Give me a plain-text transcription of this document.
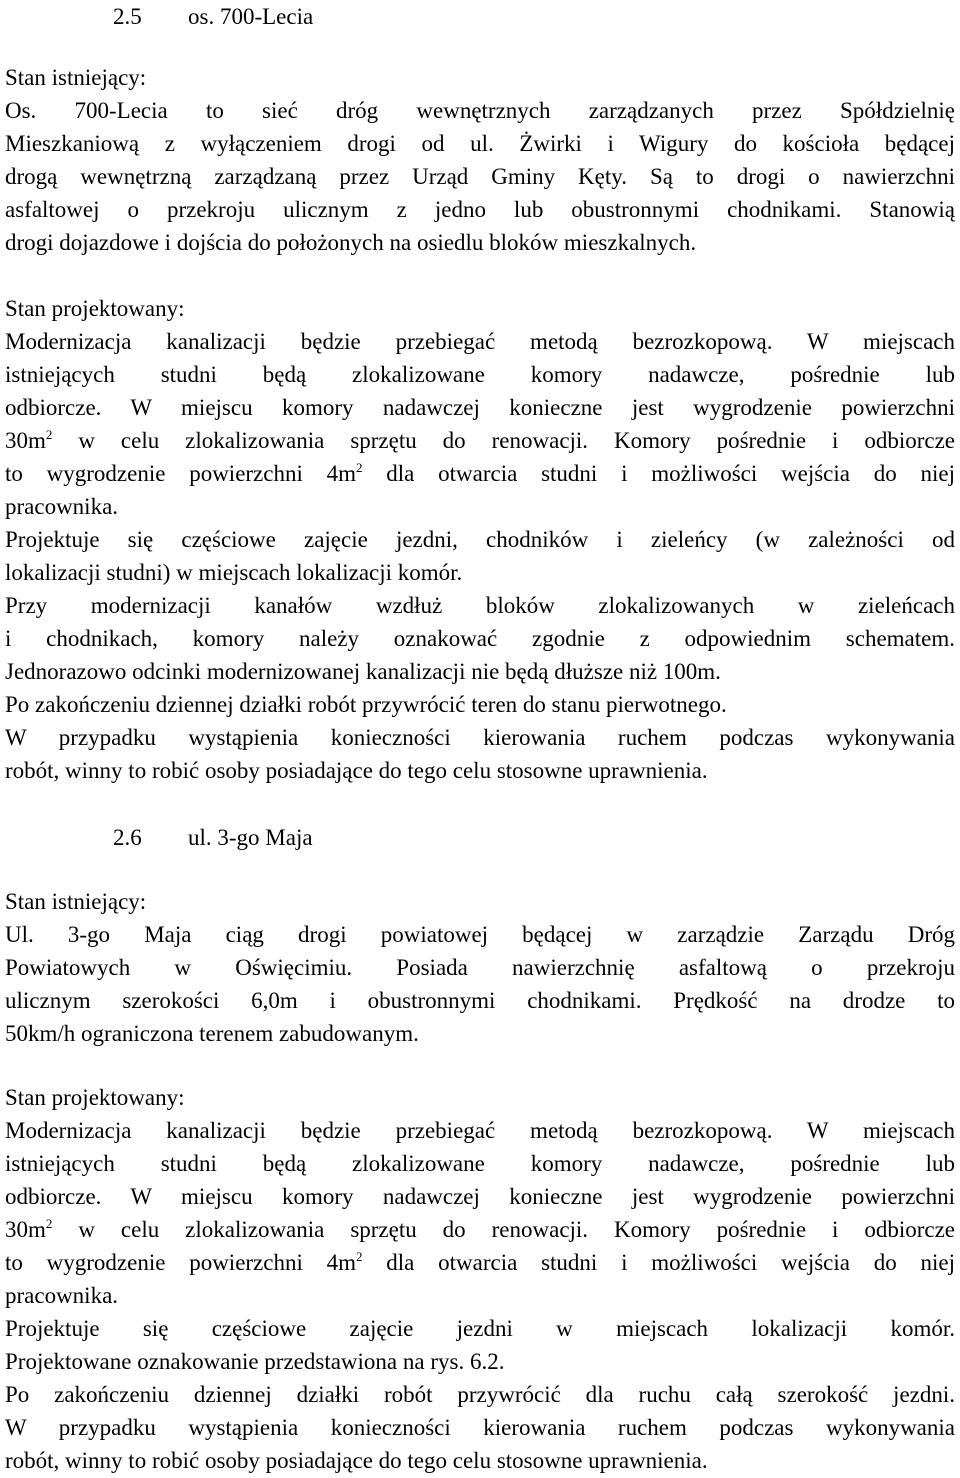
2.5 os. 700-Lecia
Stan istniejący:
Os. 700-Lecia to sieć dróg wewnętrznych zarządzanych przez Spółdzielnię
Mieszkaniową z wyłączeniem drogi od ul. Żwirki i Wigury do kościoła będącej
drogą wewnętrzną zarządzaną przez Urząd Gminy Kęty. Są to drogi o nawierzchni
asfaltowej o przekroju ulicznym z jedno lub obustronnymi chodnikami. Stanowią
drogi dojazdowe i dojścia do położonych na osiedlu bloków mieszkalnych.
Stan projektowany:
Modernizacja kanalizacji będzie przebiegać metodą bezrozkopową. W miejscach
istniejących studni będą zlokalizowane komory nadawcze, pośrednie lub
odbiorcze. W miejscu komory nadawczej konieczne jest wygrodzenie powierzchni
$30m^2$ w celu zlokalizowania sprzętu do renowacji. Komory pośrednie i odbiorcze
to wygrodzenie powierzchni $4m^2$ dla otwarcia studni i możliwości wejścia do niej
pracownika.
Projektuje się częściowe zajęcie jezdni, chodników i zieleńcy (w zależności od
lokalizacji studni) w miejscach lokalizacji komór.
Przy modernizacji kanałów wzdłuż bloków zlokalizowanych w zieleńcach
i chodnikach, komory należy oznakować zgodnie z odpowiednim schematem.
Jednorazowo odcinki modernizowanej kanalizacji nie będą dłuższe niż 100m.
Po zakończeniu dziennej działki robót przywrócić teren do stanu pierwotnego.
W przypadku wystąpienia konieczności kierowania ruchem podczas wykonywania
robót, winny to robić osoby posiadające do tego celu stosowne uprawnienia.
2.6 ul. 3-go Maja
Stan istniejący:
Ul. 3-go Maja ciąg drogi powiatowej będącej w zarządzie Zarządu Dróg
Powiatowych w Oświęcimiu. Posiada nawierzchnię asfaltową o przekroju
ulicznym szerokości 6,0m i obustronnymi chodnikami. Prędkość na drodze to
50km/h ograniczona terenem zabudowanym.
Stan projektowany:
Modernizacja kanalizacji będzie przebiegać metodą bezrozkopową. W miejscach
istniejących studni będą zlokalizowane komory nadawcze, pośrednie lub
odbiorcze. W miejscu komory nadawczej konieczne jest wygrodzenie powierzchni
$30m^2$ w celu zlokalizowania sprzętu do renowacji. Komory pośrednie i odbiorcze
to wygrodzenie powierzchni $4m^2$ dla otwarcia studni i możliwości wejścia do niej
pracownika.
Projektuje się częściowe zajęcie jezdni w miejscach lokalizacji komór.
Projektowane oznakowanie przedstawiona na rys. 6.2.
Po zakończeniu dziennej działki robót przywrócić dla ruchu całą szerokość jezdni.
W przypadku wystąpienia konieczności kierowania ruchem podczas wykonywania
robót, winny to robić osoby posiadające do tego celu stosowne uprawnienia.
